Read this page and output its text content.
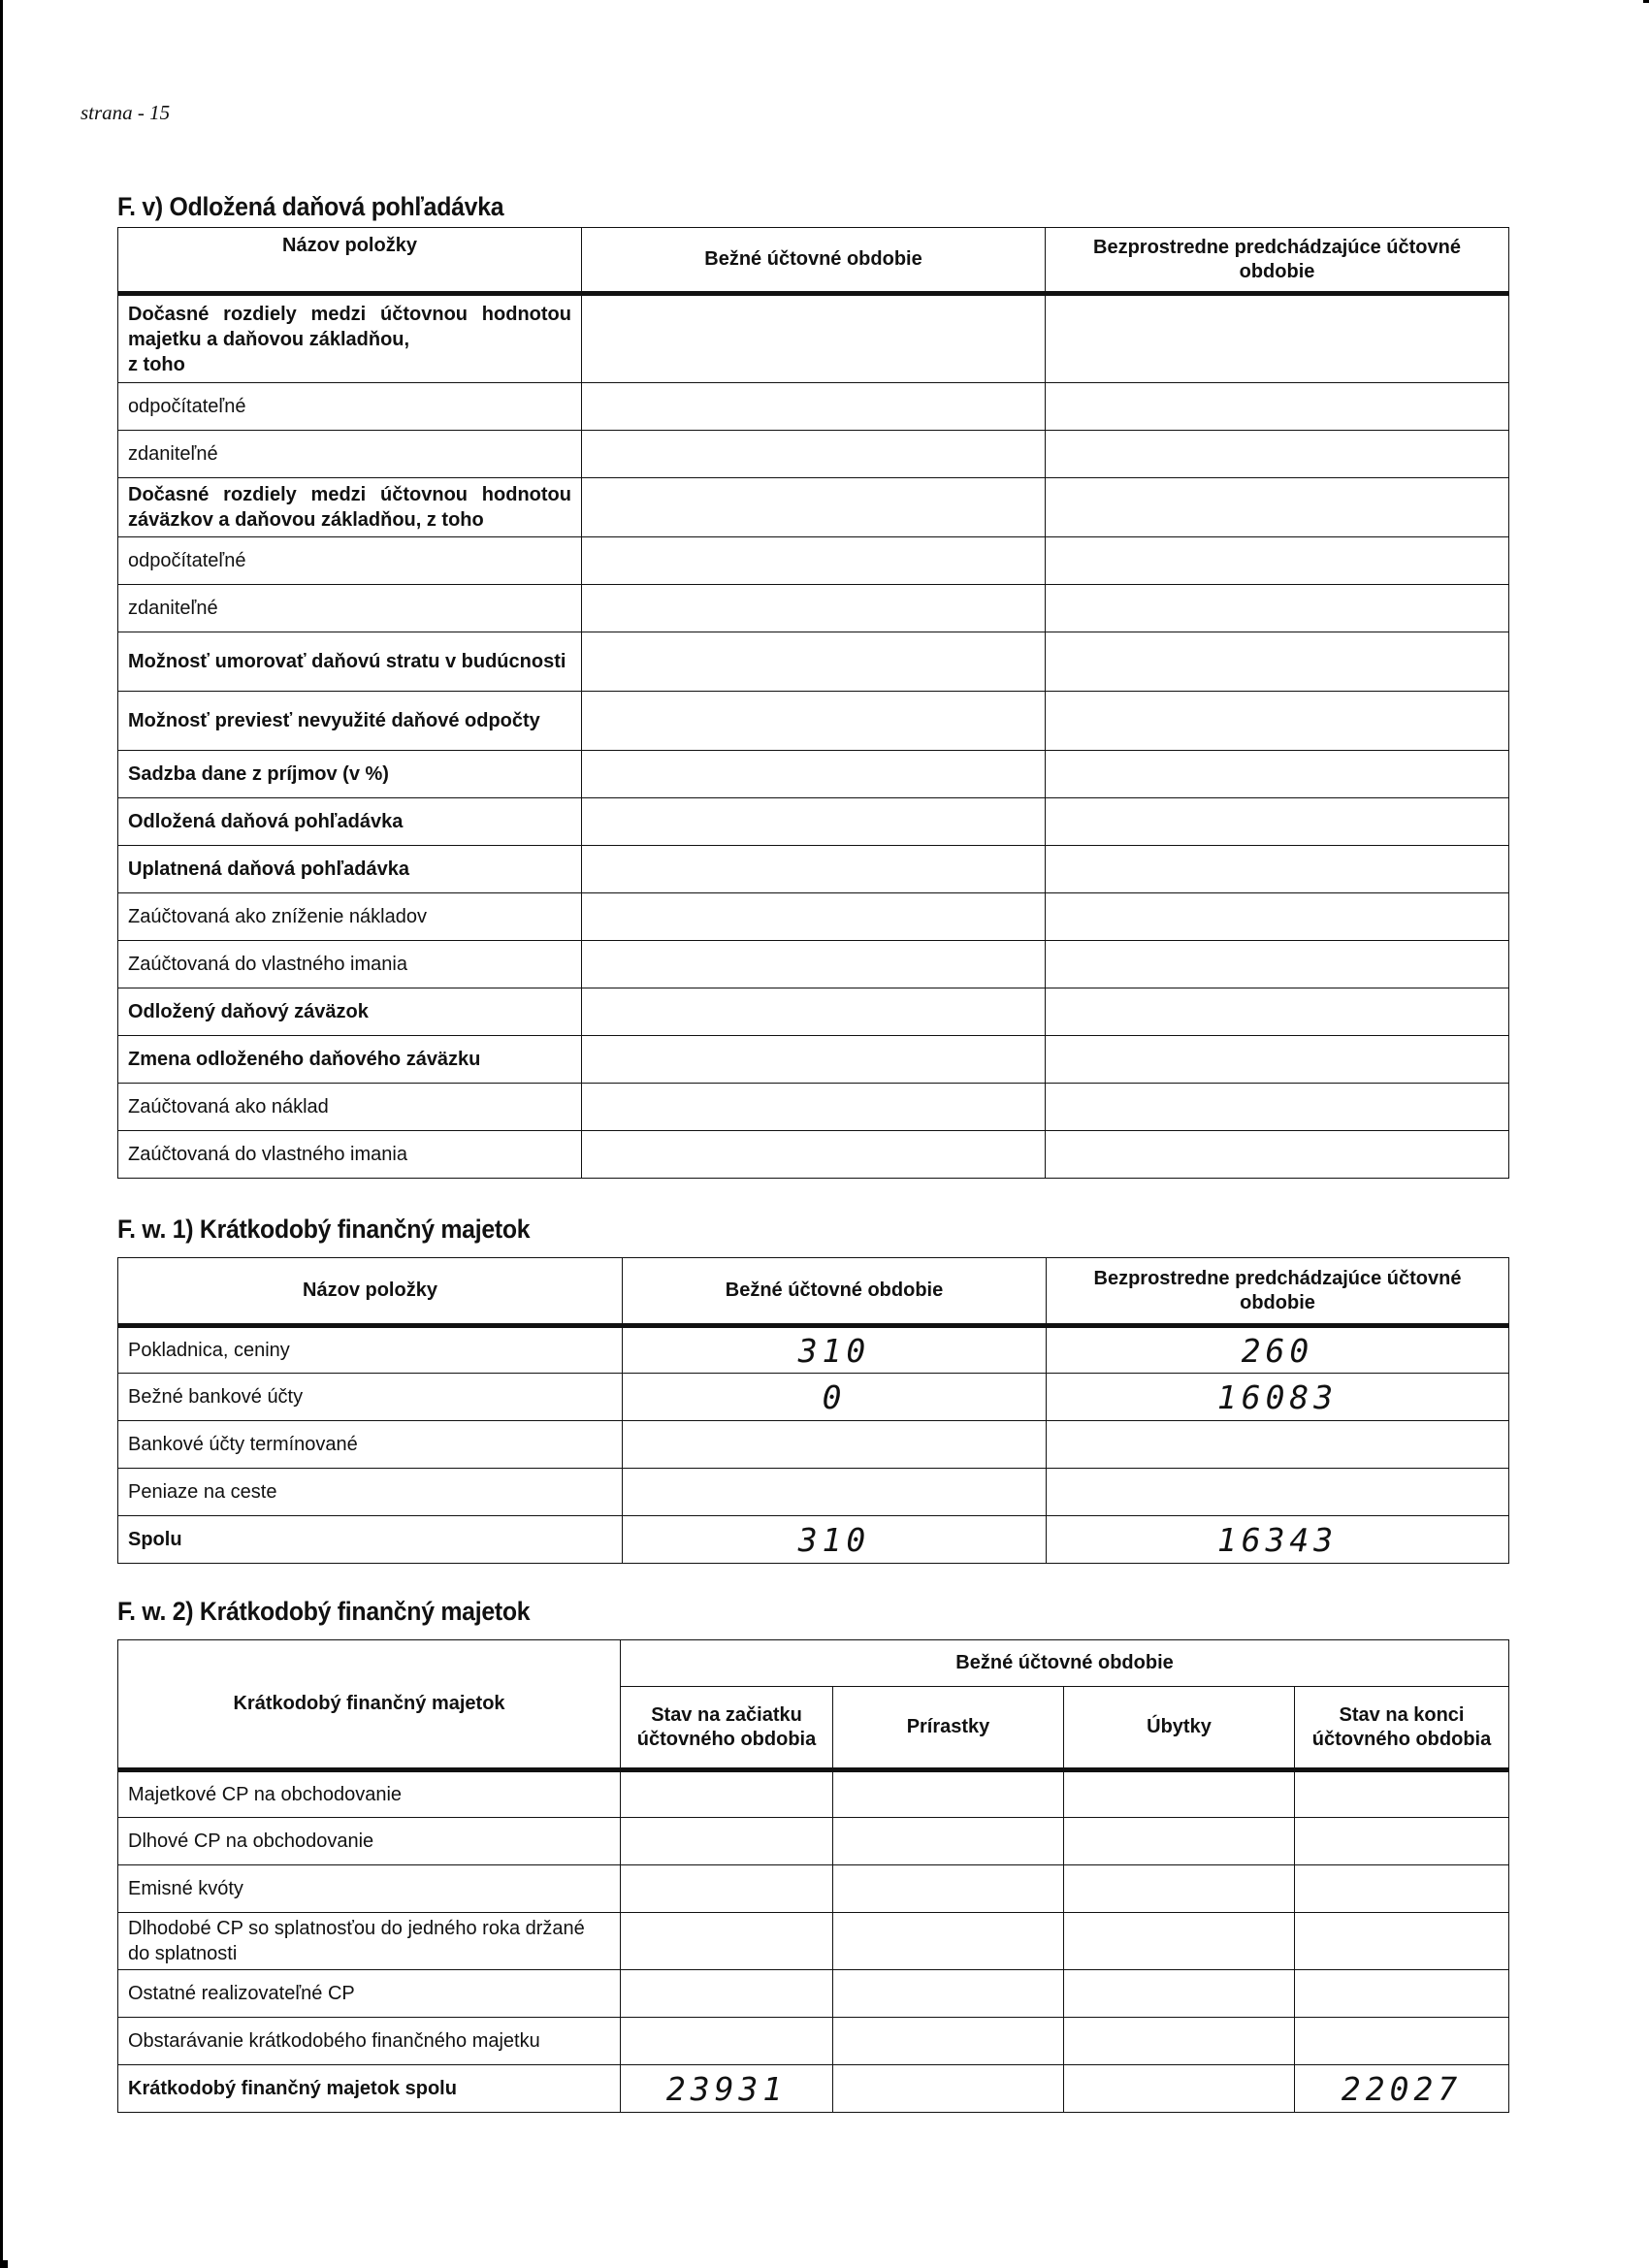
strana - 15
F. v) Odložená daňová pohľadávka
Názov položky	Bežné účtovné obdobie	Bezprostredne predchádzajúce účtovné obdobie
Dočasné rozdiely medzi účtovnou hodnotou majetku a daňovou základňou,
z toho		
odpočítateľné		
zdaniteľné		
Dočasné rozdiely medzi účtovnou hodnotou záväzkov a daňovou základňou, z toho		
odpočítateľné		
zdaniteľné		
Možnosť umorovať daňovú stratu v budúcnosti		
Možnosť previesť nevyužité daňové odpočty		
Sadzba dane z príjmov (v %)		
Odložená daňová pohľadávka		
Uplatnená daňová pohľadávka		
Zaúčtovaná ako zníženie nákladov		
Zaúčtovaná do vlastného imania		
Odložený daňový záväzok		
Zmena odloženého daňového záväzku		
Zaúčtovaná ako náklad		
Zaúčtovaná do vlastného imania		
F. w. 1) Krátkodobý finančný majetok
Názov položky	Bežné účtovné obdobie	Bezprostredne predchádzajúce účtovné obdobie
Pokladnica, ceniny	310	260
Bežné bankové účty	0	16083
Bankové účty termínované		
Peniaze na ceste		
Spolu	310	16343
F. w. 2) Krátkodobý finančný majetok
Krátkodobý finančný majetok	Bežné účtovné obdobie			
	Stav na začiatku účtovného obdobia	Prírastky	Úbytky	Stav na konci účtovného obdobia
Majetkové CP na obchodovanie				
Dlhové CP na obchodovanie				
Emisné kvóty				
Dlhodobé CP so splatnosťou do jedného roka držané do splatnosti				
Ostatné realizovateľné CP				
Obstarávanie krátkodobého finančného majetku				
Krátkodobý finančný majetok spolu	23931			22027
